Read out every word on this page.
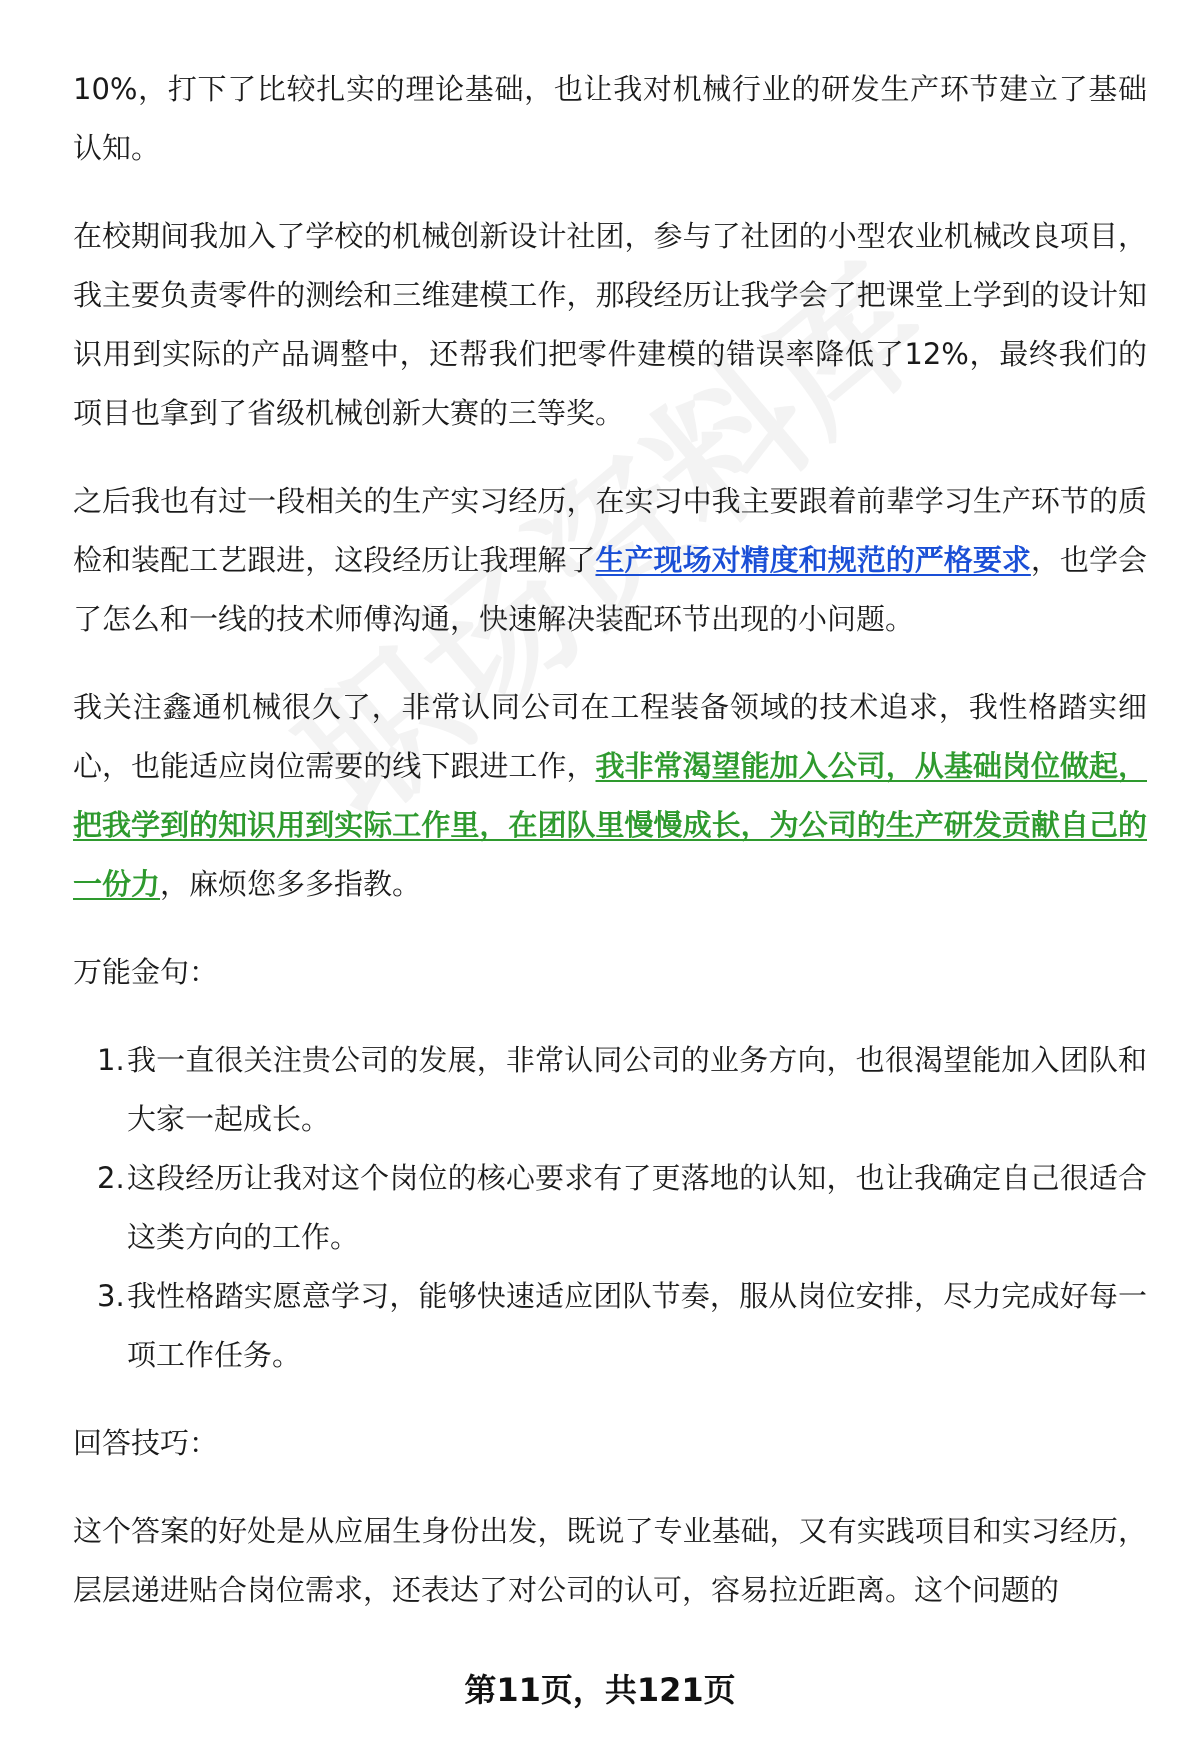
10%，打下了比较扎实的理论基础，也让我对机械行业的研发生产环节建立了基础认知。

在校期间我加入了学校的机械创新设计社团，参与了社团的小型农业机械改良项目，我主要负责零件的测绘和三维建模工作，那段经历让我学会了把课堂上学到的设计知识用到实际的产品调整中，还帮我们把零件建模的错误率降低了12%，最终我们的项目也拿到了省级机械创新大赛的三等奖。

之后我也有过一段相关的生产实习经历，在实习中我主要跟着前辈学习生产环节的质检和装配工艺跟进，这段经历让我理解了生产现场对精度和规范的严格要求，也学会了怎么和一线的技术师傅沟通，快速解决装配环节出现的小问题。

我关注鑫通机械很久了，非常认同公司在工程装备领域的技术追求，我性格踏实细心，也能适应岗位需要的线下跟进工作，我非常渴望能加入公司，从基础岗位做起，把我学到的知识用到实际工作里，在团队里慢慢成长，为公司的生产研发贡献自己的一份力，麻烦您多多指教。

万能金句：

1. 我一直很关注贵公司的发展，非常认同公司的业务方向，也很渴望能加入团队和大家一起成长。
2. 这段经历让我对这个岗位的核心要求有了更落地的认知，也让我确定自己很适合这类方向的工作。
3. 我性格踏实愿意学习，能够快速适应团队节奏，服从岗位安排，尽力完成好每一项工作任务。

回答技巧：

这个答案的好处是从应届生身份出发，既说了专业基础，又有实践项目和实习经历，层层递进贴合岗位需求，还表达了对公司的认可，容易拉近距离。这个问题的

第11页，共121页
